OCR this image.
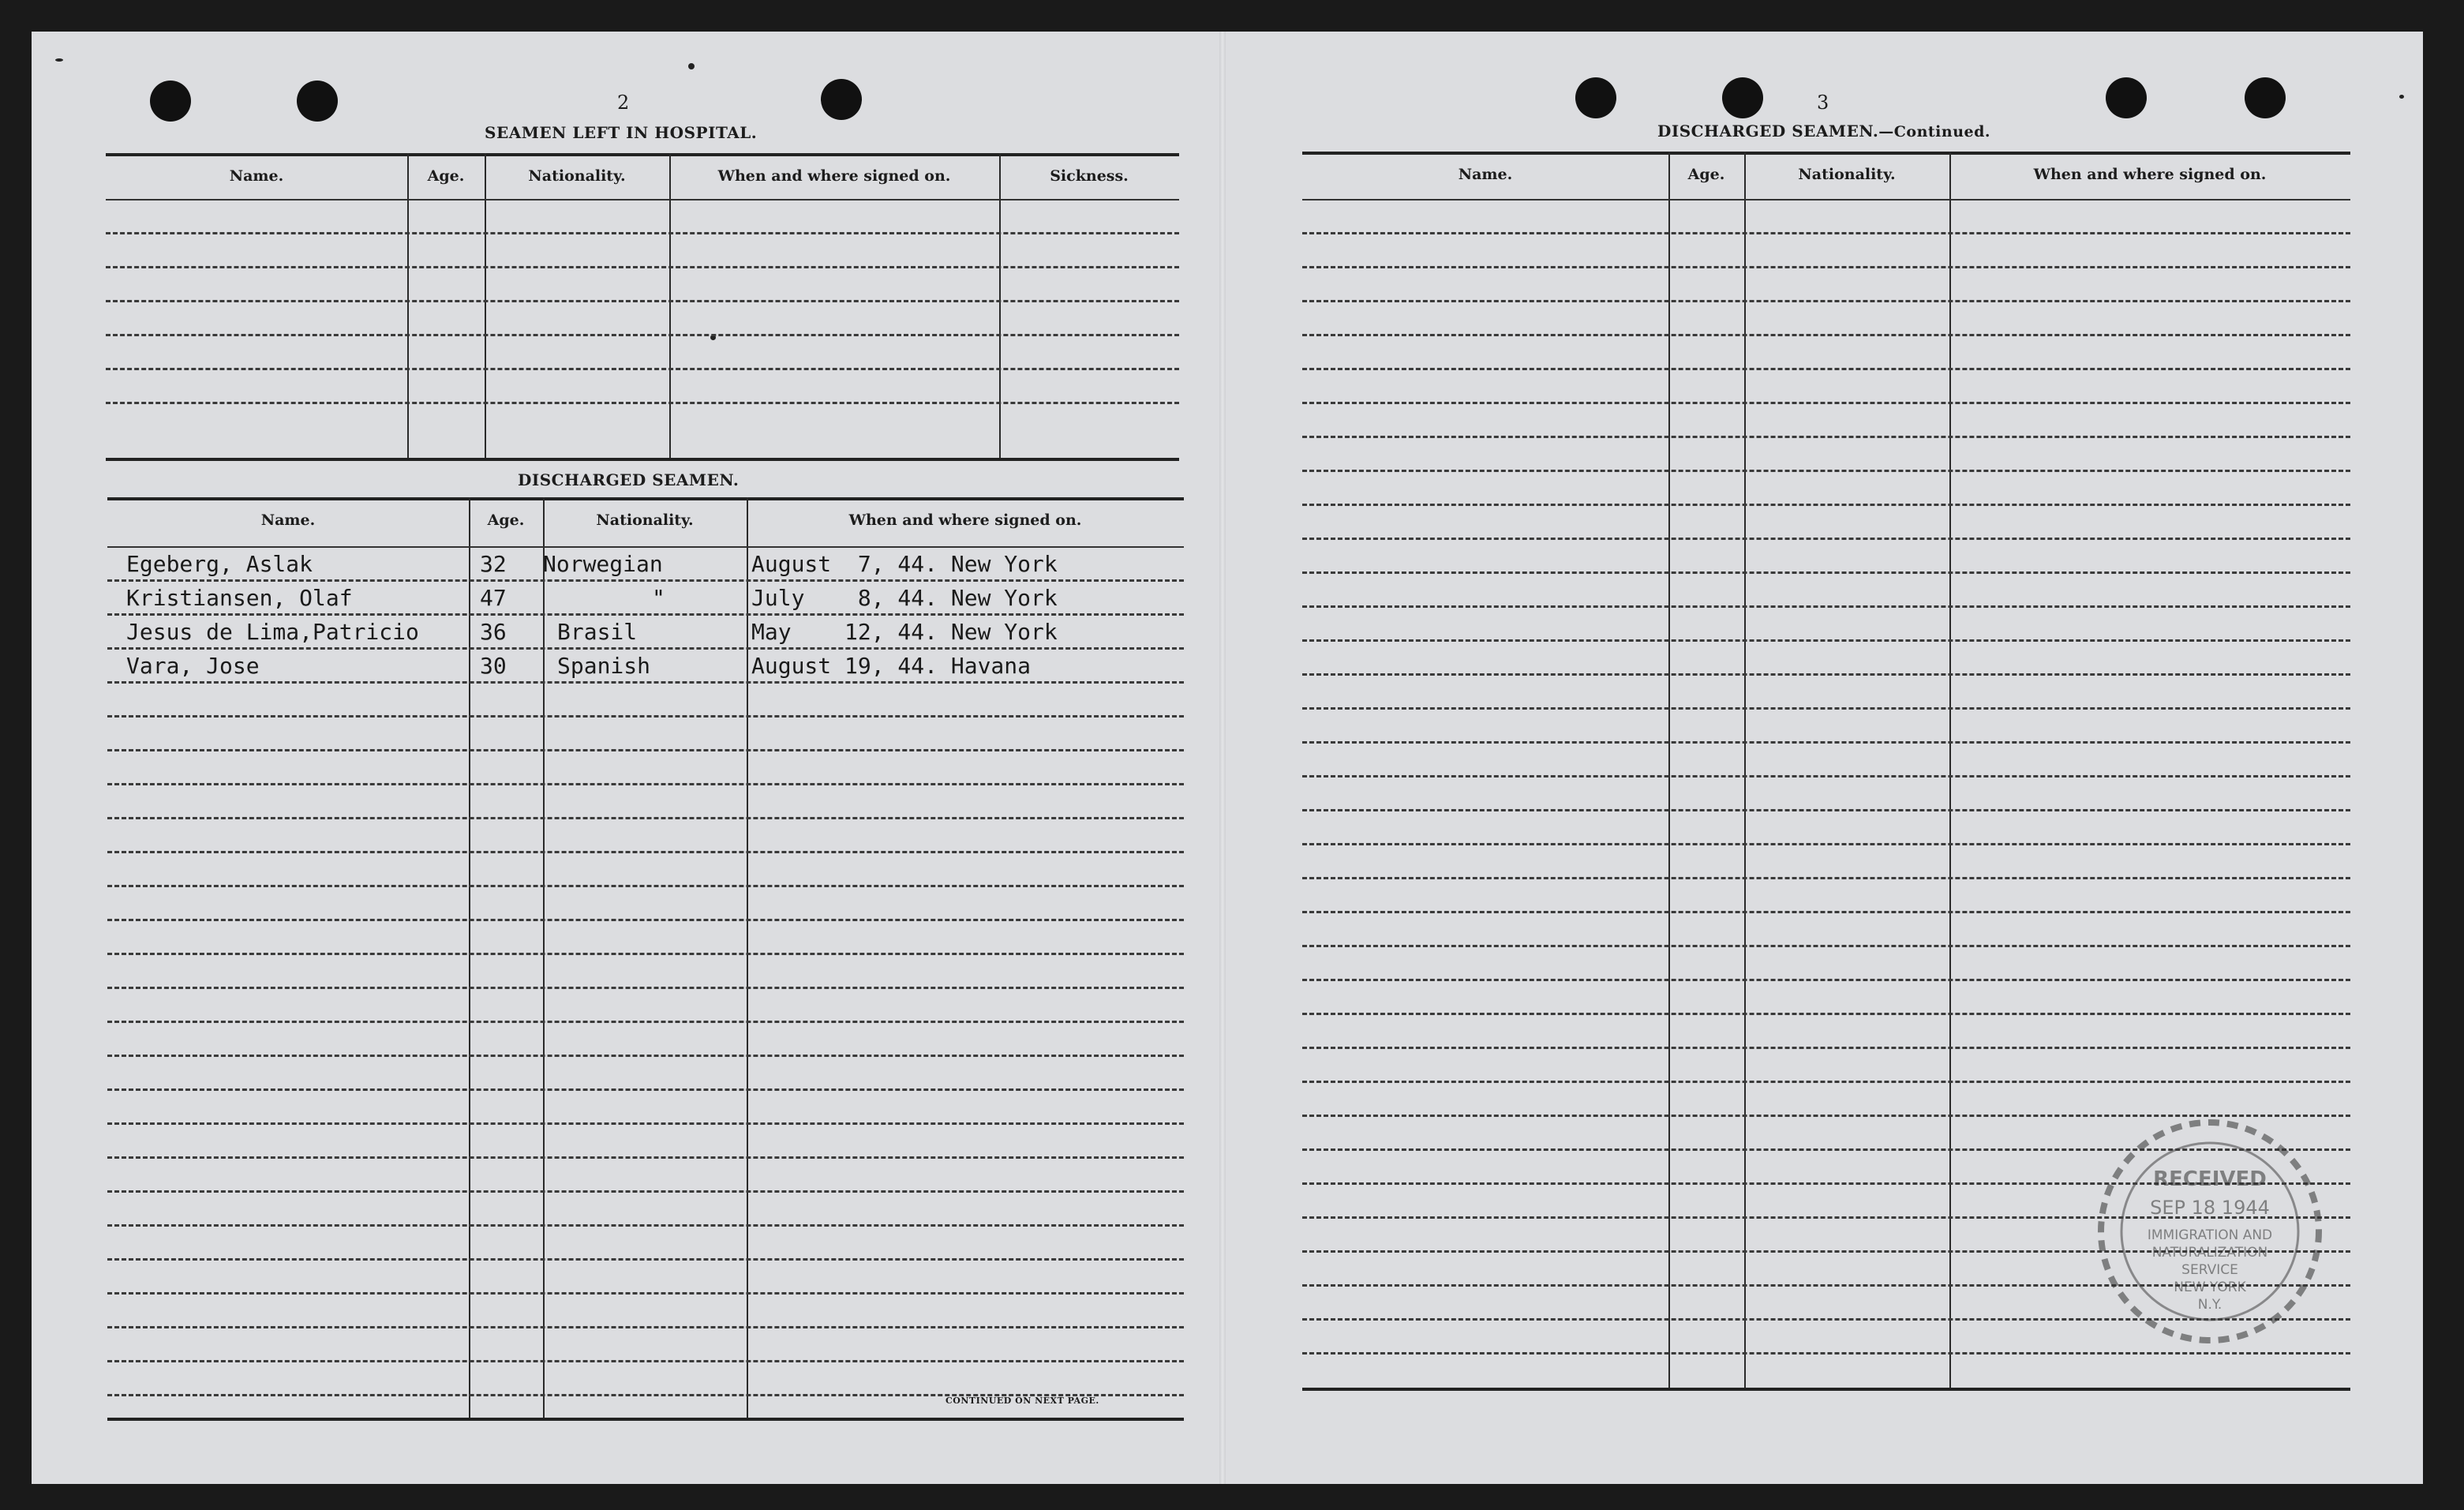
2
SEAMEN LEFT IN HOSPITAL.
Name.	Age.	Nationality.	When and where signed on.	Sickness.
DISCHARGED SEAMEN.
Name.	Age.	Nationality.	When and where signed on.
Egeberg, Aslak	32 Norwegian	August  7, 44. New York
Kristiansen, Olaf	47	"	July    8, 44. New York
Jesus de Lima,Patricio	36 Brasil	May    12, 44. New York
Vara, Jose	30 Spanish	August 19, 44. Havana
CONTINUED ON NEXT PAGE.
3
DISCHARGED SEAMEN.—Continued.
Name.	Age.	Nationality.	When and where signed on.
RECEIVED
SEP 18 1944
IMMIGRATION AND
NATURALIZATION
SERVICE
NEW YORK
N.Y.
